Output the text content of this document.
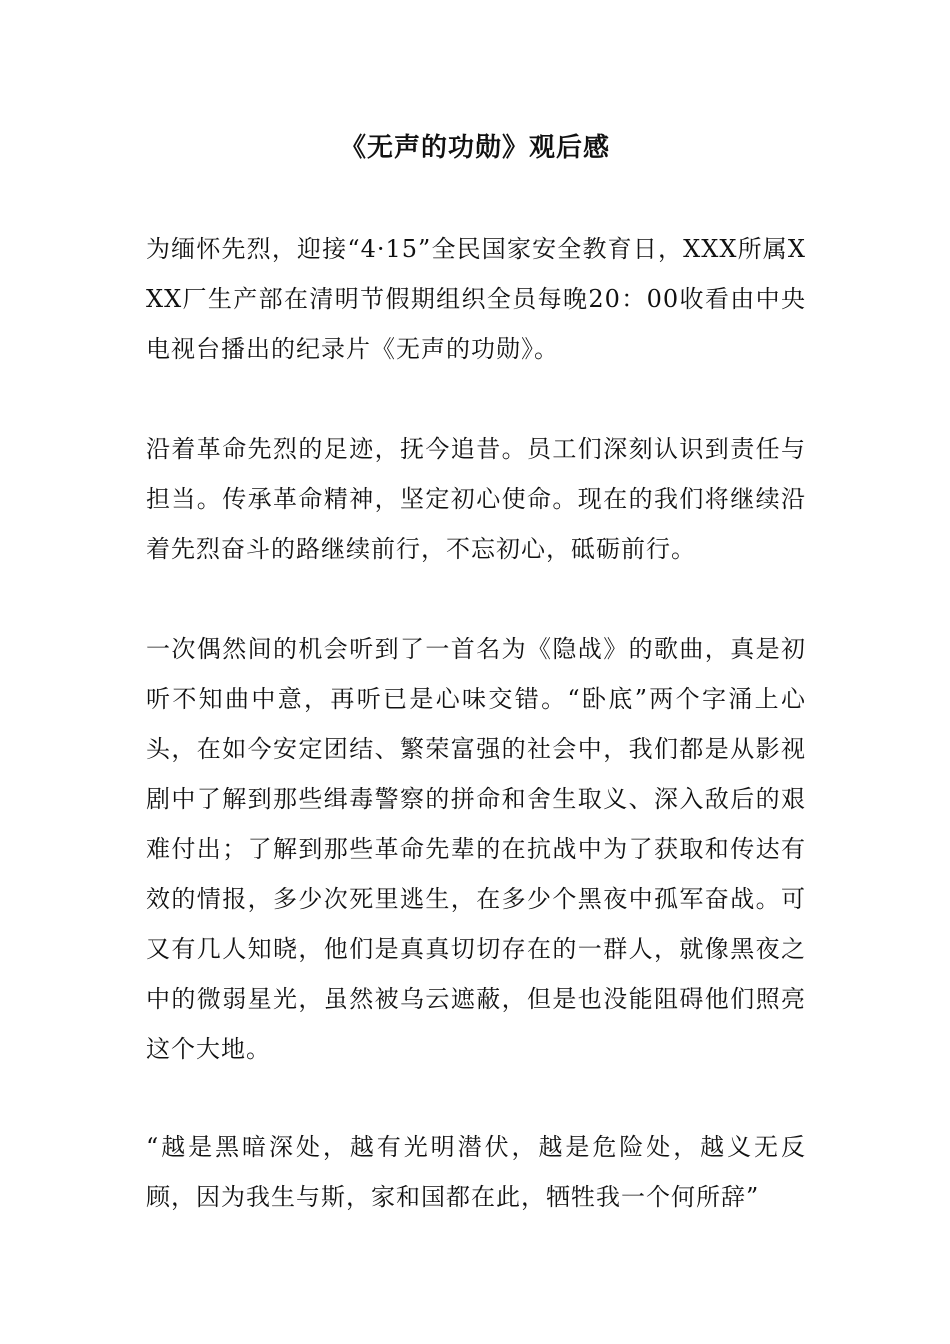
《无声的功勋》观后感

为缅怀先烈，迎接“4·15”全民国家安全教育日，XXX所属XXX厂生产部在清明节假期组织全员每晚20：00收看由中央电视台播出的纪录片《无声的功勋》。

沿着革命先烈的足迹，抚今追昔。员工们深刻认识到责任与担当。传承革命精神，坚定初心使命。现在的我们将继续沿着先烈奋斗的路继续前行，不忘初心，砥砺前行。

一次偶然间的机会听到了一首名为《隐战》的歌曲，真是初听不知曲中意，再听已是心味交错。“卧底”两个字涌上心头，在如今安定团结、繁荣富强的社会中，我们都是从影视剧中了解到那些缉毒警察的拼命和舍生取义、深入敌后的艰难付出；了解到那些革命先辈的在抗战中为了获取和传达有效的情报，多少次死里逃生，在多少个黑夜中孤军奋战。可又有几人知晓，他们是真真切切存在的一群人，就像黑夜之中的微弱星光，虽然被乌云遮蔽，但是也没能阻碍他们照亮这个大地。

“越是黑暗深处，越有光明潜伏，越是危险处，越义无反顾，因为我生与斯，家和国都在此，牺牲我一个何所辞”
